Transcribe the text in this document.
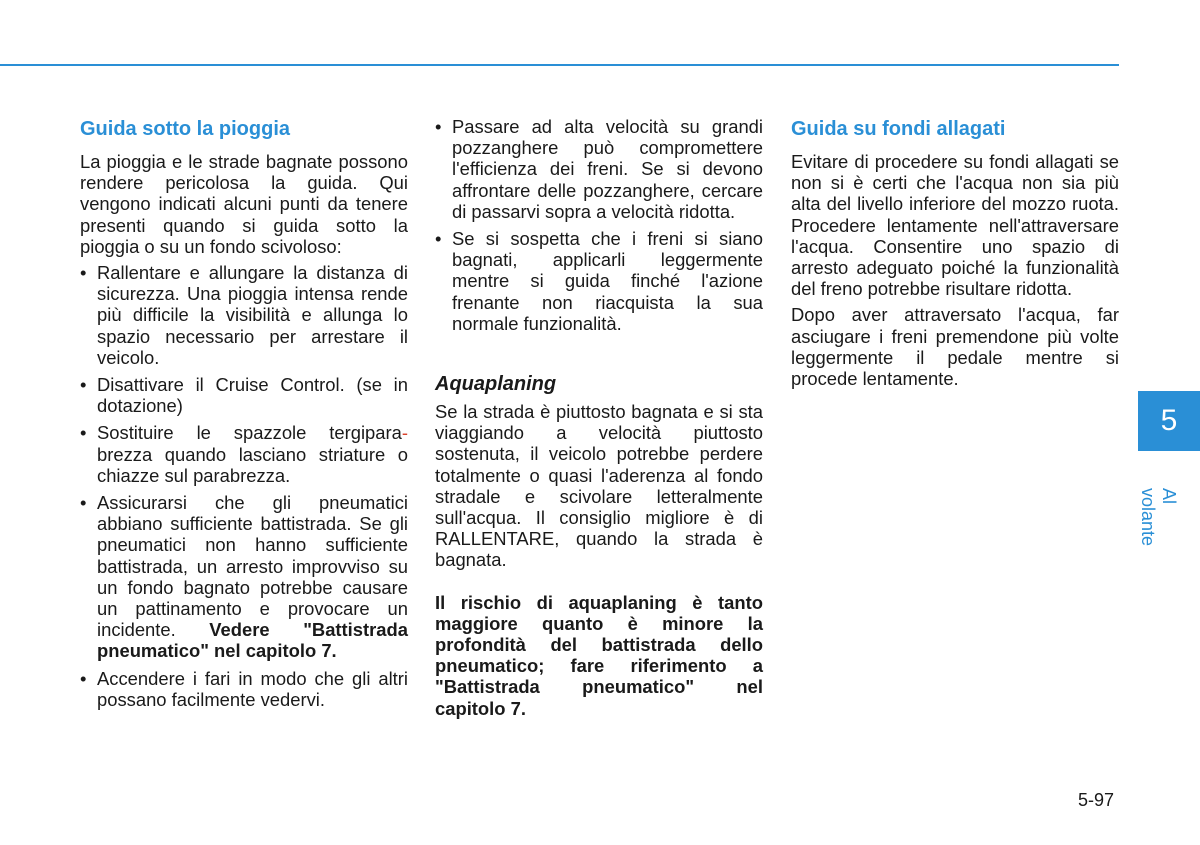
Guida sotto la pioggia

La pioggia e le strade bagnate possono rendere pericolosa la guida. Qui vengono indicati alcuni punti da tenere presenti quando si guida sotto la pioggia o su un fondo scivoloso:

• Rallentare e allungare la distanza di sicurezza. Una pioggia intensa rende più difficile la visibilità e allunga lo spazio necessario per arrestare il veicolo.
• Disattivare il Cruise Control. (se in dotazione)
• Sostituire le spazzole tergipara-brezza quando lasciano striature o chiazze sul parabrezza.
• Assicurarsi che gli pneumatici abbiano sufficiente battistrada. Se gli pneumatici non hanno sufficiente battistrada, un arresto improvviso su un fondo bagnato potrebbe causare un pattinamento e provocare un incidente. Vedere "Battistrada pneumatico" nel capitolo 7.
• Accendere i fari in modo che gli altri possano facilmente vedervi.
• Passare ad alta velocità su grandi pozzanghere può compromettere l'efficienza dei freni. Se si devono affrontare delle pozzanghere, cercare di passarvi sopra a velocità ridotta.
• Se si sospetta che i freni si siano bagnati, applicarli leggermente mentre si guida finché l'azione frenante non riacquista la sua normale funzionalità.
Aquaplaning

Se la strada è piuttosto bagnata e si sta viaggiando a velocità piuttosto sostenuta, il veicolo potrebbe perdere totalmente o quasi l'aderenza al fondo stradale e scivolare letteralmente sull'acqua. Il consiglio migliore è di RALLENTARE, quando la strada è bagnata.

Il rischio di aquaplaning è tanto maggiore quanto è minore la profondità del battistrada dello pneumatico; fare riferimento a "Battistrada pneumatico" nel capitolo 7.

Guida su fondi allagati

Evitare di procedere su fondi allagati se non si è certi che l'acqua non sia più alta del livello inferiore del mozzo ruota. Procedere lentamente nell'attraversare l'acqua. Consentire uno spazio di arresto adeguato poiché la funzionalità del freno potrebbe risultare ridotta.

Dopo aver attraversato l'acqua, far asciugare i freni premendone più volte leggermente il pedale mentre si procede lentamente.

5
Al volante
5-97
